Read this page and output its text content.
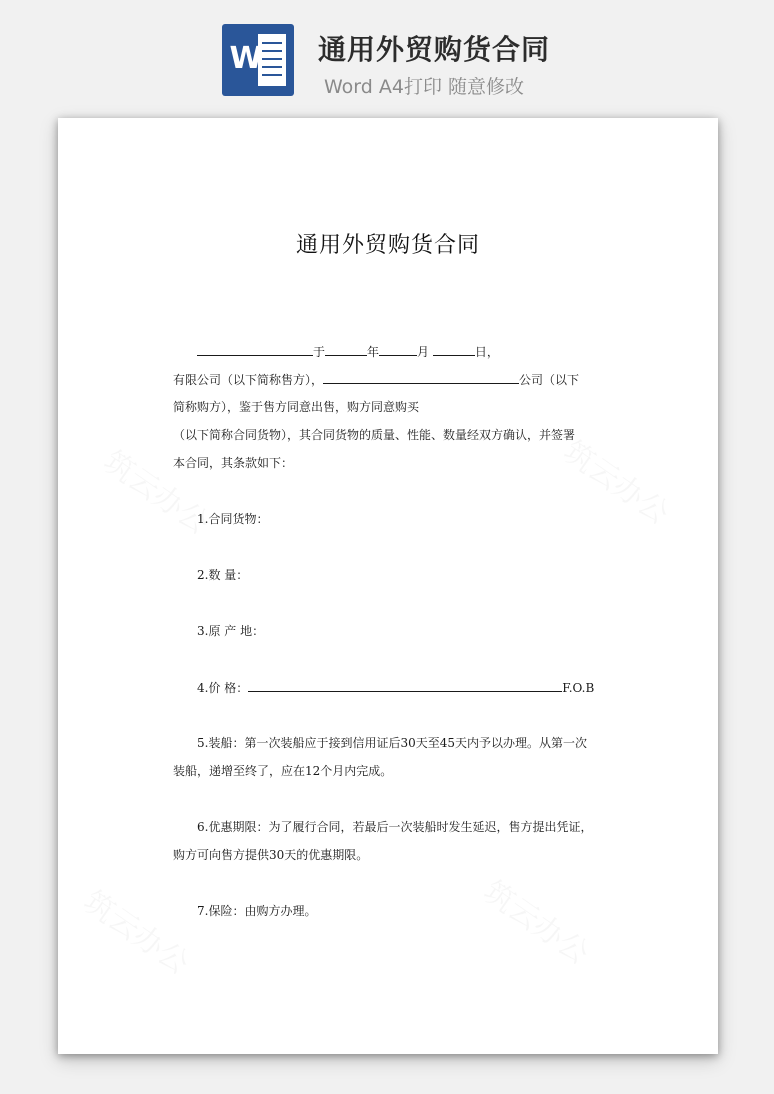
W 通用外贸购货合同
Word A4打印 随意修改
通用外贸购货合同
于	年	月	日，
有限公司（以下简称售方），	公司（以下
简称购方），鉴于售方同意出售，购方同意购买
（以下简称合同货物），其合同货物的质量、性能、数量经双方确认，并签署
本合同，其条款如下：
1.合同货物：
2.数 量：
3.原 产 地：
4.价 格：	F.O.B
5.装船：第一次装船应于接到信用证后30天至45天内予以办理。从第一次
装船，递增至终了，应在12个月内完成。
6.优惠期限：为了履行合同，若最后一次装船时发生延迟，售方提出凭证，
购方可向售方提供30天的优惠期限。
7.保险：由购方办理。
